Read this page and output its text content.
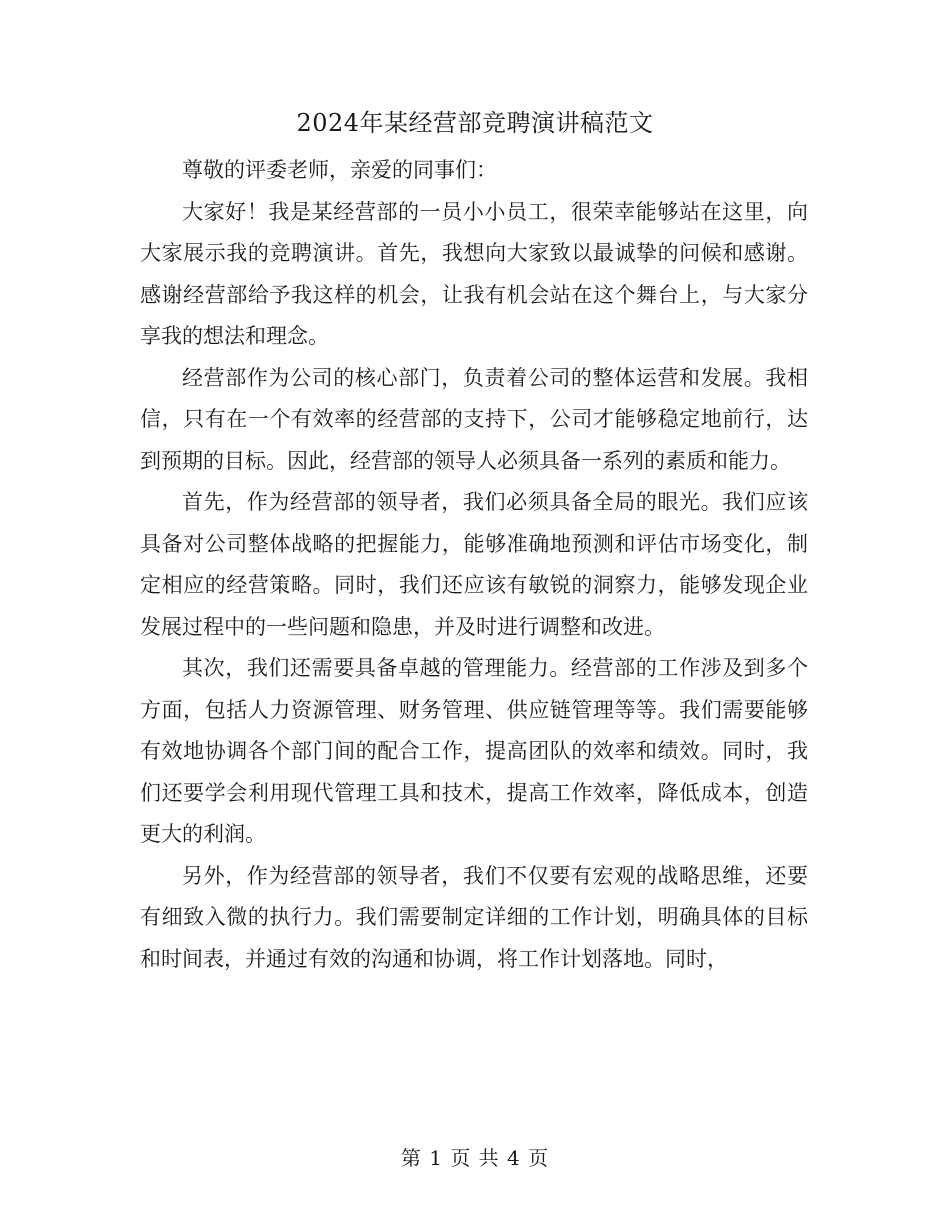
2024年某经营部竞聘演讲稿范文

尊敬的评委老师，亲爱的同事们：

大家好！我是某经营部的一员小小员工，很荣幸能够站在这里，向大家展示我的竞聘演讲。首先，我想向大家致以最诚挚的问候和感谢。感谢经营部给予我这样的机会，让我有机会站在这个舞台上，与大家分享我的想法和理念。

经营部作为公司的核心部门，负责着公司的整体运营和发展。我相信，只有在一个有效率的经营部的支持下，公司才能够稳定地前行，达到预期的目标。因此，经营部的领导人必须具备一系列的素质和能力。

首先，作为经营部的领导者，我们必须具备全局的眼光。我们应该具备对公司整体战略的把握能力，能够准确地预测和评估市场变化，制定相应的经营策略。同时，我们还应该有敏锐的洞察力，能够发现企业发展过程中的一些问题和隐患，并及时进行调整和改进。

其次，我们还需要具备卓越的管理能力。经营部的工作涉及到多个方面，包括人力资源管理、财务管理、供应链管理等等。我们需要能够有效地协调各个部门间的配合工作，提高团队的效率和绩效。同时，我们还要学会利用现代管理工具和技术，提高工作效率，降低成本，创造更大的利润。

另外，作为经营部的领导者，我们不仅要有宏观的战略思维，还要有细致入微的执行力。我们需要制定详细的工作计划，明确具体的目标和时间表，并通过有效的沟通和协调，将工作计划落地。同时，

第 1 页 共 4 页
